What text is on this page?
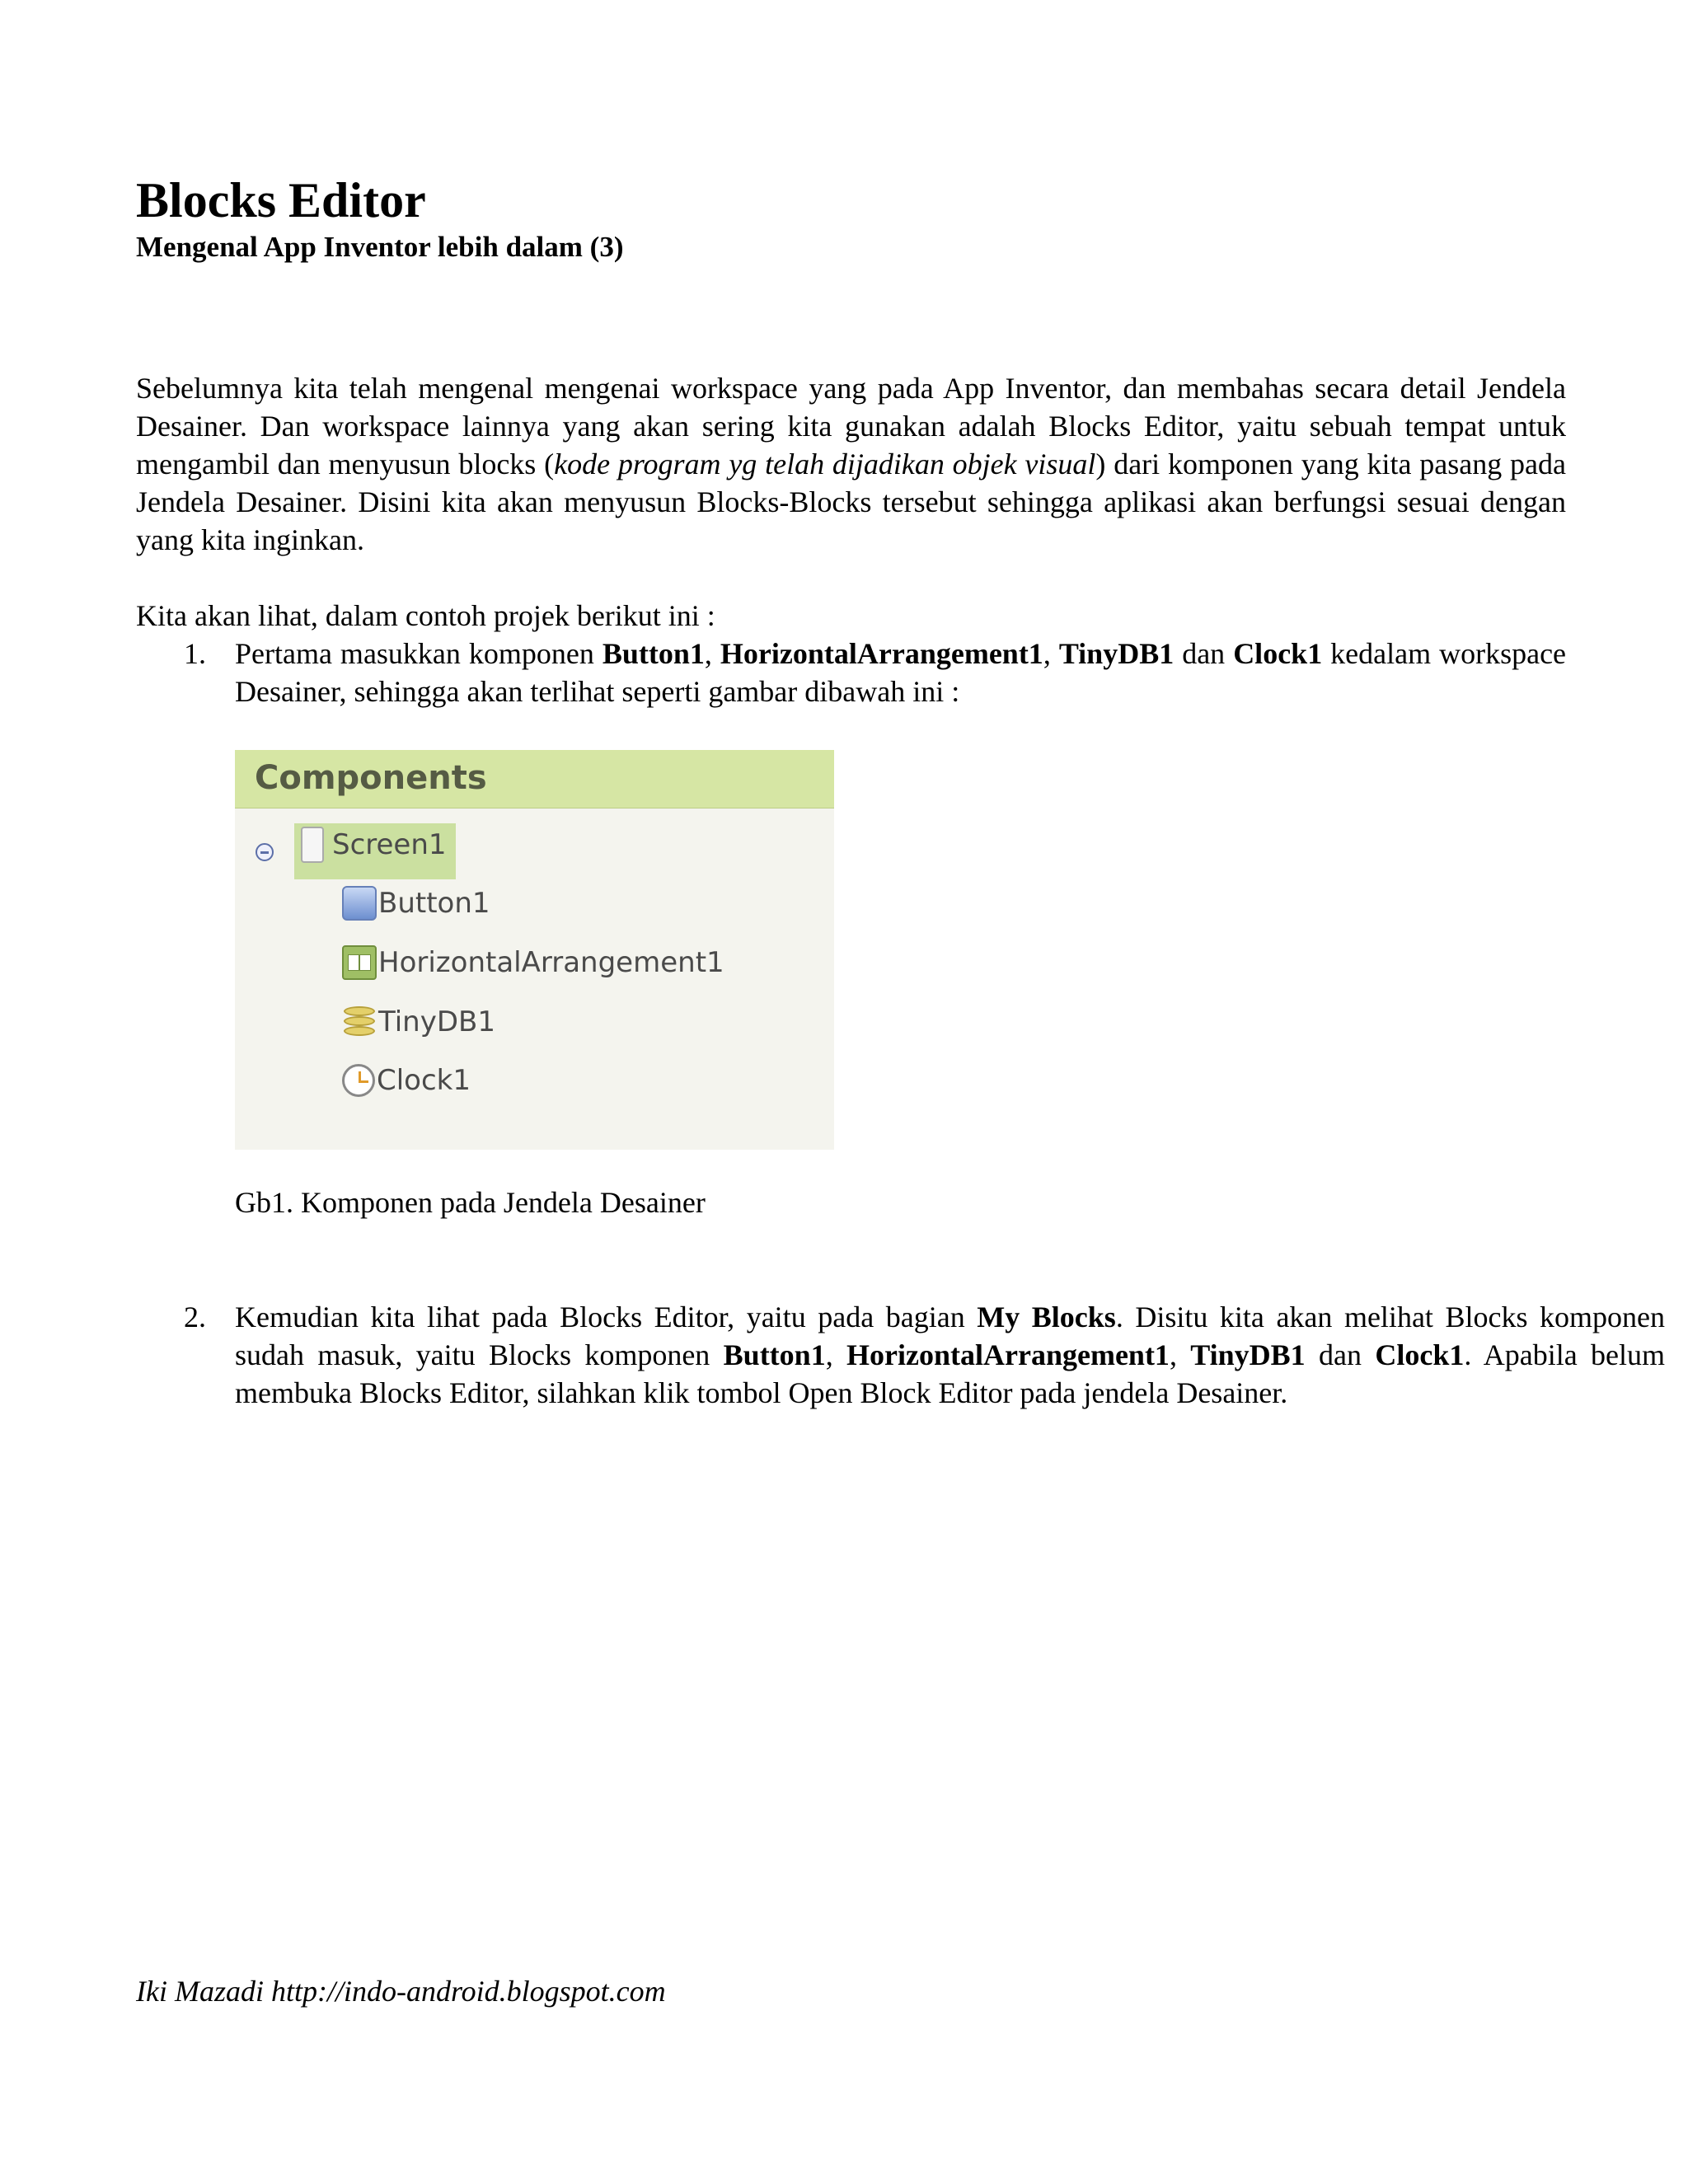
Blocks Editor
Mengenal App Inventor lebih dalam (3)

Sebelumnya kita telah mengenal mengenai workspace yang pada App Inventor, dan membahas secara detail Jendela Desainer. Dan workspace lainnya yang akan sering kita gunakan adalah Blocks Editor, yaitu sebuah tempat untuk mengambil dan menyusun blocks (kode program yg telah dijadikan objek visual) dari komponen yang kita pasang pada Jendela Desainer. Disini kita akan menyusun Blocks-Blocks tersebut sehingga aplikasi akan berfungsi sesuai dengan yang kita inginkan.

Kita akan lihat, dalam contoh projek berikut ini :

1. Pertama masukkan komponen Button1, HorizontalArrangement1, TinyDB1 dan Clock1 kedalam workspace Desainer, sehingga akan terlihat seperti gambar dibawah ini :
Components
Screen1
Button1
HorizontalArrangement1
TinyDB1
Clock1
Gb1. Komponen pada Jendela Desainer
2. Kemudian kita lihat pada Blocks Editor, yaitu pada bagian My Blocks. Disitu kita akan melihat Blocks komponen sudah masuk, yaitu Blocks komponen Button1, HorizontalArrangement1, TinyDB1 dan Clock1. Apabila belum membuka Blocks Editor, silahkan klik tombol Open Block Editor pada jendela Desainer.
Iki Mazadi http://indo-android.blogspot.com
